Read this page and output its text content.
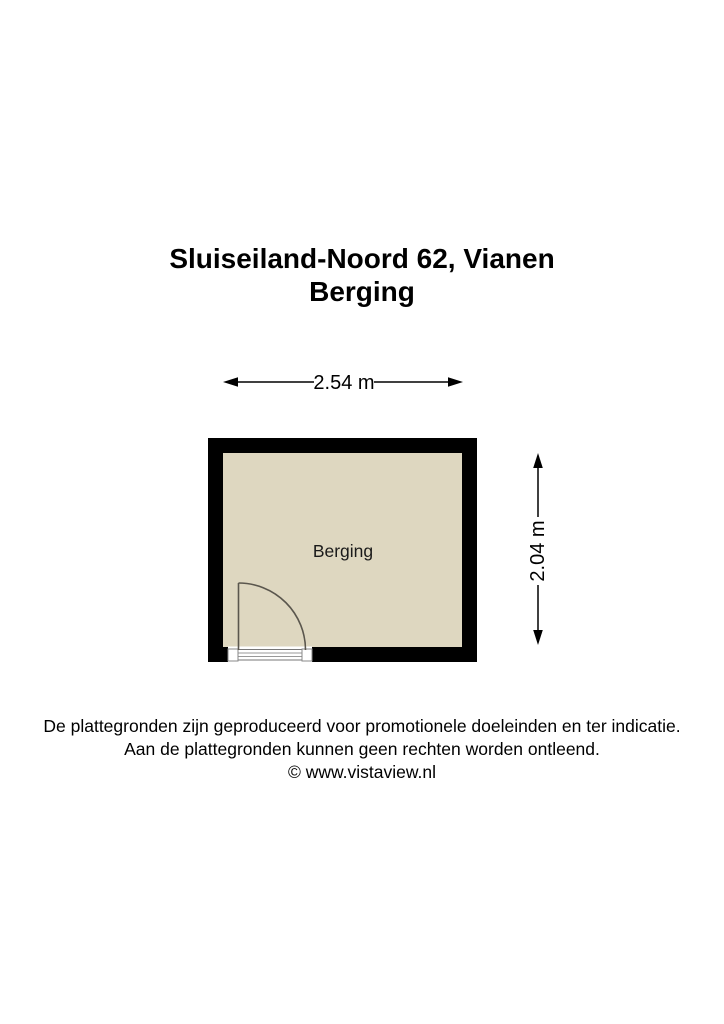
Sluiseiland-Noord 62, Vianen
Berging
2.54 m
Berging	2.04 m
De plattegronden zijn geproduceerd voor promotionele doeleinden en ter indicatie.
Aan de plattegronden kunnen geen rechten worden ontleend.
© www.vistaview.nl
